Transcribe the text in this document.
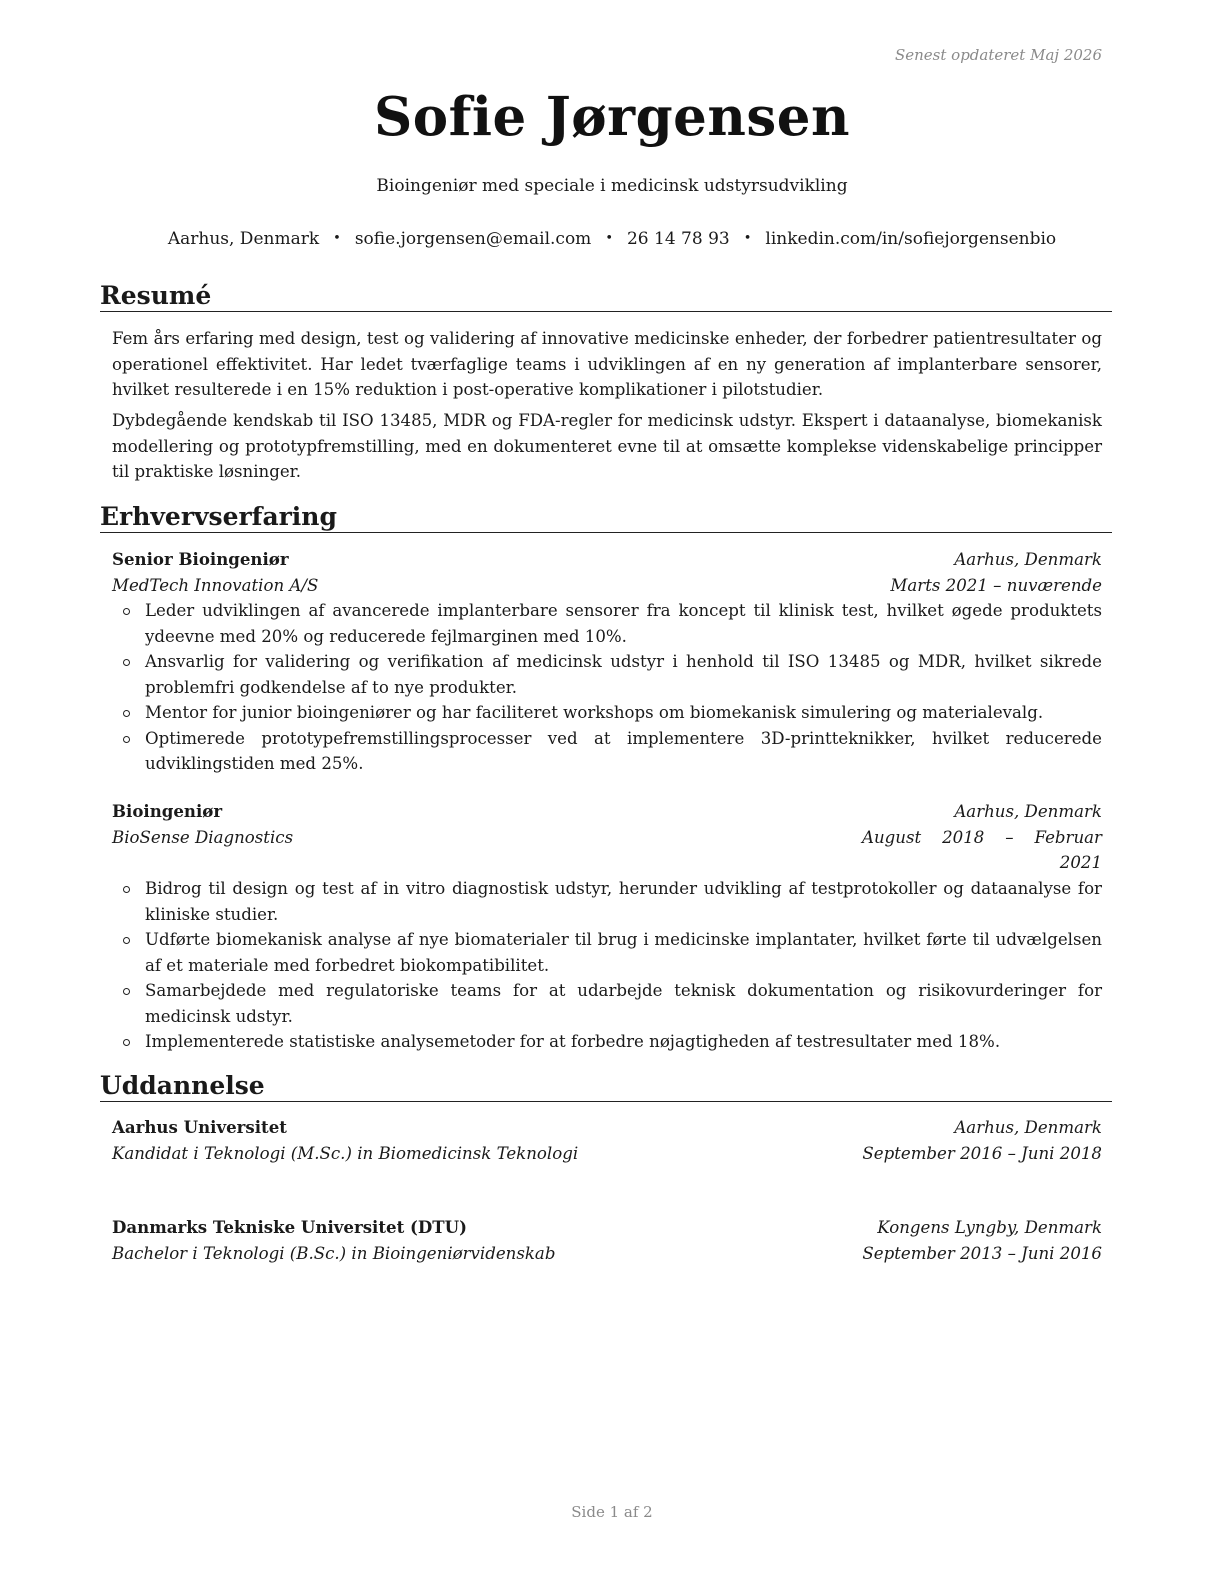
Senest opdateret Maj 2026
Sofie Jørgensen
Bioingeniør med speciale i medicinsk udstyrsudvikling
Aarhus, Denmark • sofie.jorgensen@email.com • 26 14 78 93 • linkedin.com/in/sofiejorgensenbio
Resumé
Fem års erfaring med design, test og validering af innovative medicinske enheder, der forbedrer patientresultater og operationel effektivitet. Har ledet tværfaglige teams i udviklingen af en ny generation af implanterbare sensorer, hvilket resulterede i en 15% reduktion i post-operative komplikationer i pilotstudier.
Dybdegående kendskab til ISO 13485, MDR og FDA-regler for medicinsk udstyr. Ekspert i dataanalyse, biomekanisk modellering og prototypfremstilling, med en dokumenteret evne til at omsætte komplekse videnskabelige principper til praktiske løsninger.
Erhvervserfaring
Senior Bioingeniør	Aarhus, Denmark
MedTech Innovation A/S	Marts 2021 – nuværende
Leder udviklingen af avancerede implanterbare sensorer fra koncept til klinisk test, hvilket øgede produktets ydeevne med 20% og reducerede fejlmarginen med 10%.
Ansvarlig for validering og verifikation af medicinsk udstyr i henhold til ISO 13485 og MDR, hvilket sikrede problemfri godkendelse af to nye produkter.
Mentor for junior bioingeniører og har faciliteret workshops om biomekanisk simulering og materialevalg.
Optimerede prototypefremstillingsprocesser ved at implementere 3D-printteknikker, hvilket reducerede udviklingstiden med 25%.
Bioingeniør	Aarhus, Denmark
BioSense Diagnostics	August 2018 – Februar 2021
Bidrog til design og test af in vitro diagnostisk udstyr, herunder udvikling af testprotokoller og dataanalyse for kliniske studier.
Udførte biomekanisk analyse af nye biomaterialer til brug i medicinske implantater, hvilket førte til udvælgelsen af et materiale med forbedret biokompatibilitet.
Samarbejdede med regulatoriske teams for at udarbejde teknisk dokumentation og risikovurderinger for medicinsk udstyr.
Implementerede statistiske analysemetoder for at forbedre nøjagtigheden af testresultater med 18%.
Uddannelse
Aarhus Universitet	Aarhus, Denmark
Kandidat i Teknologi (M.Sc.) in Biomedicinsk Teknologi	September 2016 – Juni 2018
Danmarks Tekniske Universitet (DTU)	Kongens Lyngby, Denmark
Bachelor i Teknologi (B.Sc.) in Bioingeniørvidenskab	September 2013 – Juni 2016
Side 1 af 2
